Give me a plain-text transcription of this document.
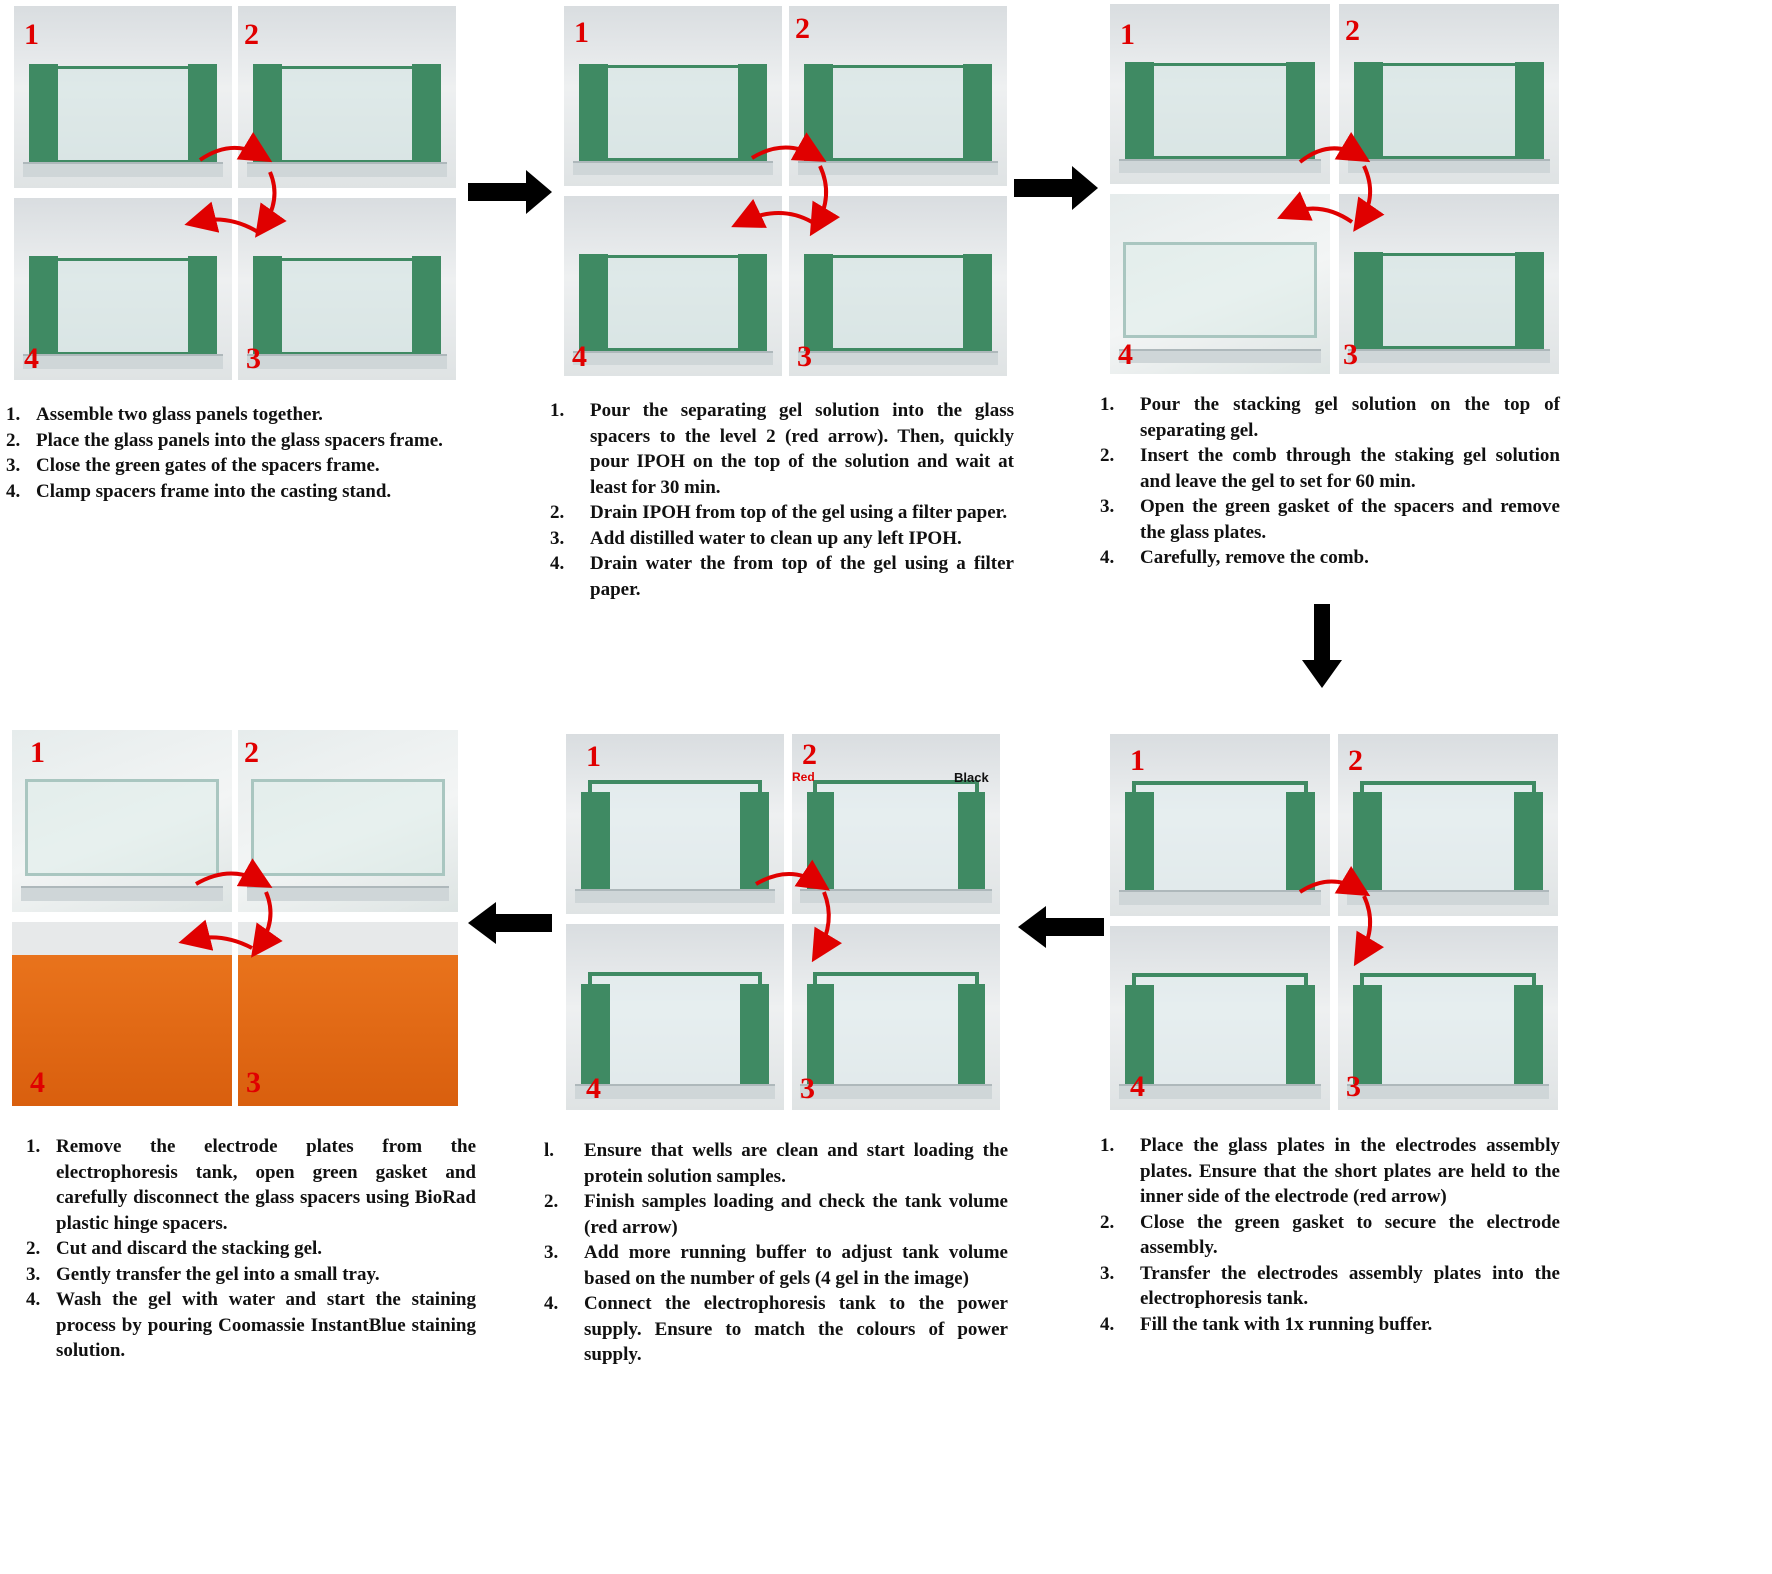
1	2
4	3
1. Assemble two glass panels together.
2. Place the glass panels into the glass spacers frame.
3. Close the green gates of the spacers frame.
4. Clamp spacers frame into the casting stand.
1	2
4	3
1. Pour the separating gel solution into the glass spacers to the level 2 (red arrow). Then, quickly pour IPOH on the top of the solution and wait at least for 30 min.
2. Drain IPOH from top of the gel using a filter paper.
3. Add distilled water to clean up any left IPOH.
4. Drain water the from top of the gel using a filter paper.
1	2
4	3
1. Pour the stacking gel solution on the top of separating gel.
2. Insert the comb through the staking gel solution and leave the gel to set for 60 min.
3. Open the green gasket of the spacers and remove the glass plates.
4. Carefully, remove the comb.
1	2
4	3
1. Place the glass plates in the electrodes assembly plates. Ensure that the short plates are held to the inner side of the electrode (red arrow)
2. Close the green gasket to secure the electrode assembly.
3. Transfer the electrodes assembly plates into the electrophoresis tank.
4. Fill the tank with 1x running buffer.
1	2
Red	Black
4	3
l. Ensure that wells are clean and start loading the protein solution samples.
2. Finish samples loading and check the tank volume (red arrow)
3. Add more running buffer to adjust tank volume based on the number of gels (4 gel in the image)
4. Connect the electrophoresis tank to the power supply. Ensure to match the colours of power supply.
1	2
4	3
1. Remove the electrode plates from the electrophoresis tank, open green gasket and carefully disconnect the glass spacers using BioRad plastic hinge spacers.
2. Cut and discard the stacking gel.
3. Gently transfer the gel into a small tray.
4. Wash the gel with water and start the staining process by pouring Coomassie InstantBlue staining solution.
